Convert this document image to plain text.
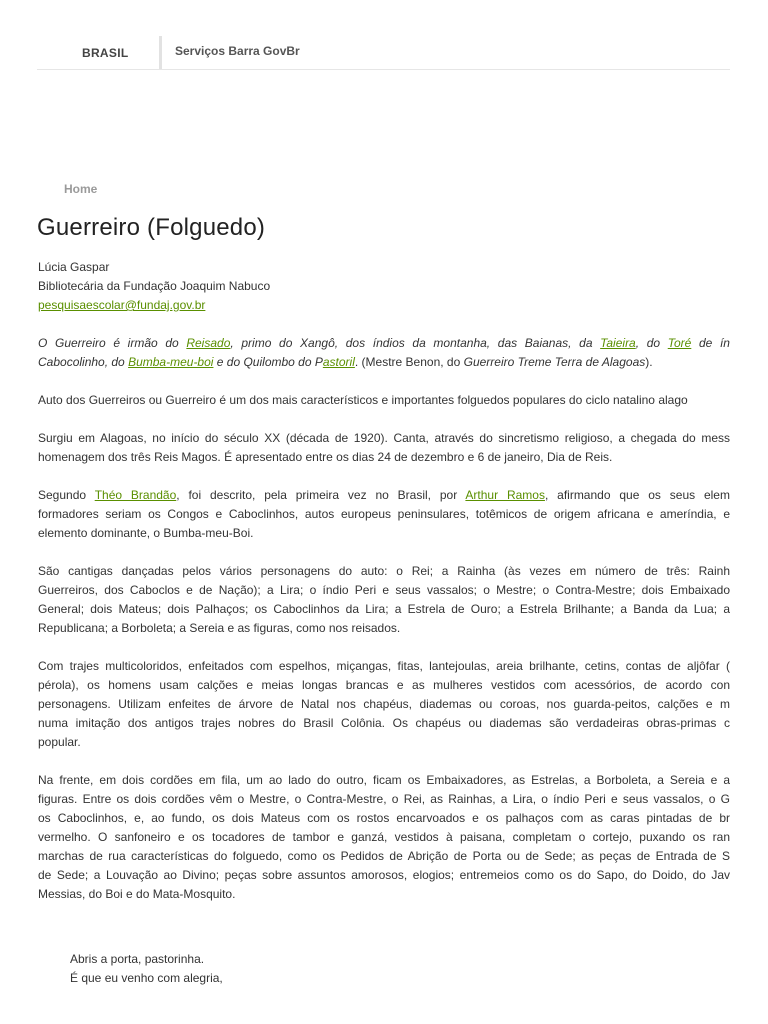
BRASIL	Serviços Barra GovBr
Home
Guerreiro (Folguedo)

Lúcia Gaspar
Bibliotecária da Fundação Joaquim Nabuco
pesquisaescolar@fundaj.gov.br

O Guerreiro é irmão do Reisado, primo do Xangô, dos índios da montanha, das Baianas, da Taieira, do Toré de ín
Cabocolinho, do Bumba-meu-boi e do Quilombo do Pastoril. (Mestre Benon, do Guerreiro Treme Terra de Alagoas).

Auto dos Guerreiros ou Guerreiro é um dos mais característicos e importantes folguedos populares do ciclo natalino alago

Surgiu em Alagoas, no início do século XX (década de 1920). Canta, através do sincretismo religioso, a chegada do mess
homenagem dos três Reis Magos. É apresentado entre os dias 24 de dezembro e 6 de janeiro, Dia de Reis.

Segundo Théo Brandão, foi descrito, pela primeira vez no Brasil, por Arthur Ramos, afirmando que os seus elem
formadores seriam os Congos e Caboclinhos, autos europeus peninsulares, totêmicos de origem africana e ameríndia, e
elemento dominante, o Bumba-meu-Boi.

São cantigas dançadas pelos vários personagens do auto: o Rei; a Rainha (às vezes em número de três: Rainh
Guerreiros, dos Caboclos e de Nação); a Lira; o índio Peri e seus vassalos; o Mestre; o Contra-Mestre; dois Embaixado
General; dois Mateus; dois Palhaços; os Caboclinhos da Lira; a Estrela de Ouro; a Estrela Brilhante; a Banda da Lua; a
Republicana; a Borboleta; a Sereia e as figuras, como nos reisados.

Com trajes multicoloridos, enfeitados com espelhos, miçangas, fitas, lantejoulas, areia brilhante, cetins, contas de aljôfar (
pérola), os homens usam calções e meias longas brancas e as mulheres vestidos com acessórios, de acordo con
personagens. Utilizam enfeites de árvore de Natal nos chapéus, diademas ou coroas, nos guarda-peitos, calções e m
numa imitação dos antigos trajes nobres do Brasil Colônia. Os chapéus ou diademas são verdadeiras obras-primas c
popular.

Na frente, em dois cordões em fila, um ao lado do outro, ficam os Embaixadores, as Estrelas, a Borboleta, a Sereia e a
figuras. Entre os dois cordões vêm o Mestre, o Contra-Mestre, o Rei, as Rainhas, a Lira, o índio Peri e seus vassalos, o G
os Caboclinhos, e, ao fundo, os dois Mateus com os rostos encarvoados e os palhaços com as caras pintadas de br
vermelho. O sanfoneiro e os tocadores de tambor e ganzá, vestidos à paisana, completam o cortejo, puxando os ran
marchas de rua características do folguedo, como os Pedidos de Abrição de Porta ou de Sede; as peças de Entrada de S
de Sede; a Louvação ao Divino; peças sobre assuntos amorosos, elogios; entremeios como os do Sapo, do Doido, do Jav
Messias, do Boi e do Mata-Mosquito.

Abris a porta, pastorinha.
É que eu venho com alegria,
